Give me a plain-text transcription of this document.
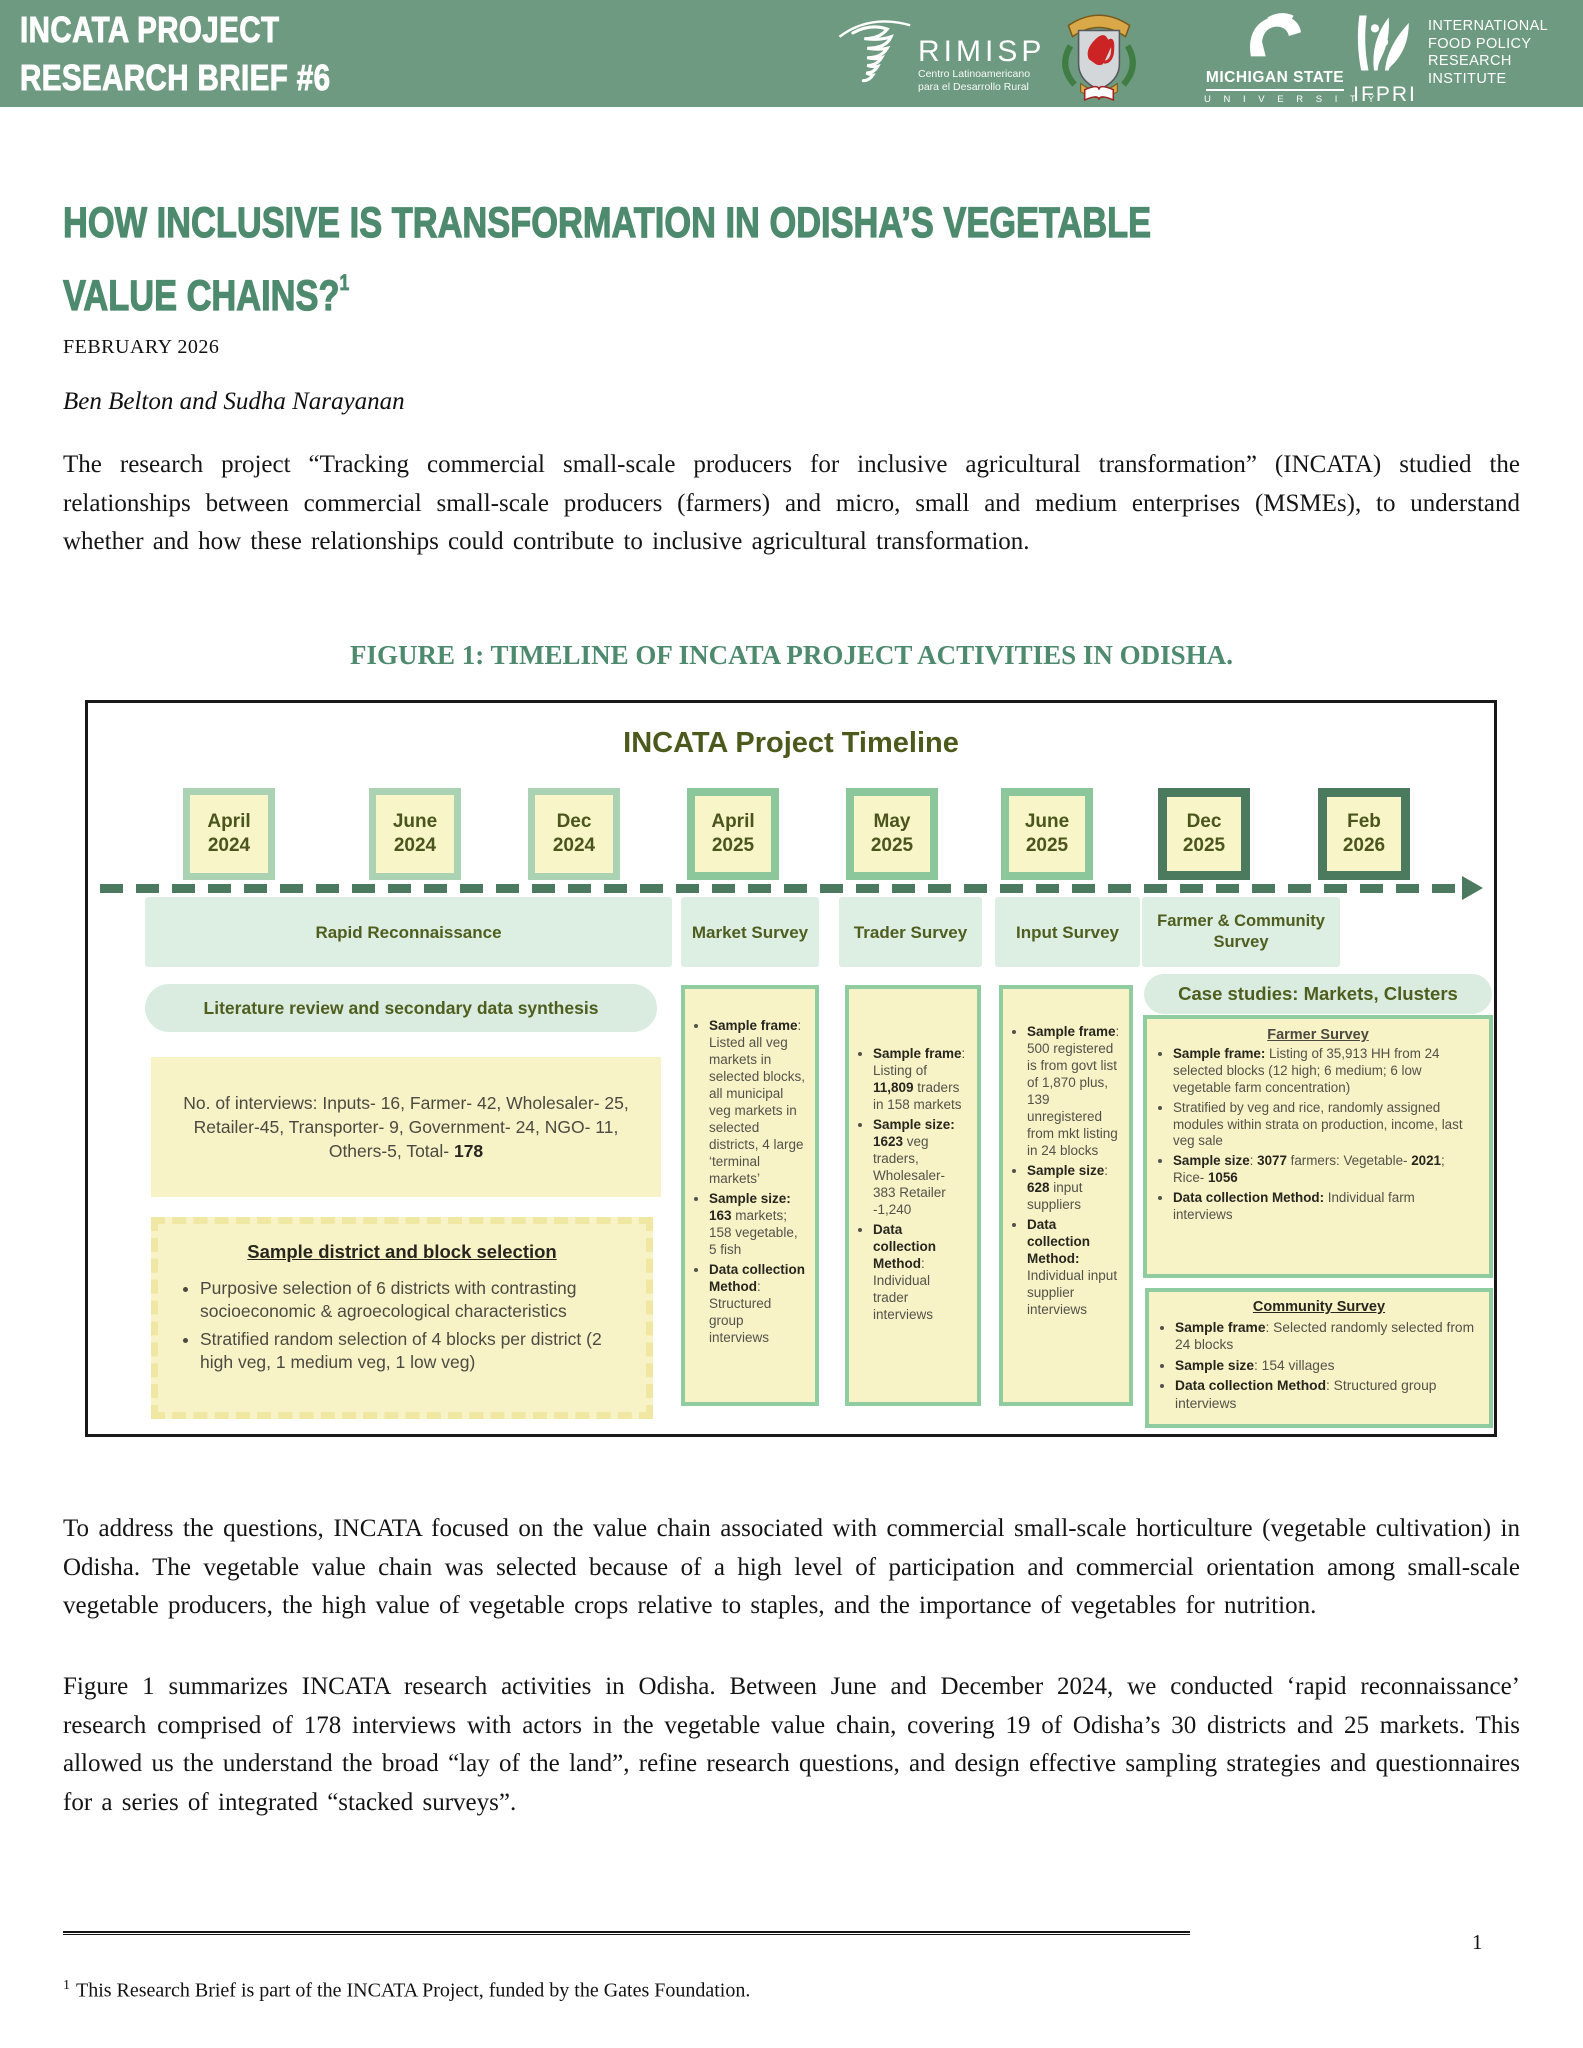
INCATA PROJECT
RESEARCH BRIEF #6
RIMISP
Centro Latinoamericano
para el Desarrollo Rural
MICHIGAN STATE
U N I V E R S I T Y
IFPRI
INTERNATIONAL
FOOD POLICY
RESEARCH
INSTITUTE
HOW INCLUSIVE IS TRANSFORMATION IN ODISHA’S VEGETABLE VALUE CHAINS?$^1$
FEBRUARY 2026
Ben Belton and Sudha Narayanan

The research project “Tracking commercial small-scale producers for inclusive agricultural transformation” (INCATA) studied the relationships between commercial small-scale producers (farmers) and micro, small and medium enterprises (MSMEs), to understand whether and how these relationships could contribute to inclusive agricultural transformation.

FIGURE 1: TIMELINE OF INCATA PROJECT ACTIVITIES IN ODISHA.
INCATA Project Timeline
April
2024
June
2024
Dec
2024
April
2025
May
2025
June
2025
Dec
2025
Feb
2026
Rapid Reconnaissance	Market Survey	Trader Survey	Input Survey
Farmer & Community Survey
Case studies: Markets, Clusters
Literature review and secondary data synthesis
No. of interviews: Inputs- 16, Farmer- 42, Wholesaler- 25, Retailer-45, Transporter- 9, Government- 24, NGO- 11, Others-5, Total- 178
Sample district and block selection
• Purposive selection of 6 districts with contrasting socioeconomic & agroecological characteristics
• Stratified random selection of 4 blocks per district (2 high veg, 1 medium veg, 1 low veg)
• Sample frame: Listed all veg markets in selected blocks, all municipal veg markets in selected districts, 4 large ‘terminal markets’
• Sample size: 163 markets; 158 vegetable, 5 fish
• Data collection Method: Structured group interviews
• Sample frame: Listing of 11,809 traders in 158 markets
• Sample size: 1623 veg traders, Wholesaler- 383 Retailer -1,240
• Data collection Method: Individual trader interviews
• Sample frame: 500 registered is from govt list of 1,870 plus, 139 unregistered from mkt listing in 24 blocks
• Sample size: 628 input suppliers
• Data collection Method: Individual input supplier interviews
Farmer Survey
• Sample frame: Listing of 35,913 HH from 24 selected blocks (12 high; 6 medium; 6 low vegetable farm concentration)
• Stratified by veg and rice, randomly assigned modules within strata on production, income, last veg sale
• Sample size: 3077 farmers: Vegetable- 2021; Rice- 1056
• Data collection Method: Individual farm interviews
Community Survey
• Sample frame: Selected randomly selected from 24 blocks
• Sample size: 154 villages
• Data collection Method: Structured group interviews

To address the questions, INCATA focused on the value chain associated with commercial small-scale horticulture (vegetable cultivation) in Odisha. The vegetable value chain was selected because of a high level of participation and commercial orientation among small-scale vegetable producers, the high value of vegetable crops relative to staples, and the importance of vegetables for nutrition.

Figure 1 summarizes INCATA research activities in Odisha. Between June and December 2024, we conducted ‘rapid reconnaissance’ research comprised of 178 interviews with actors in the vegetable value chain, covering 19 of Odisha’s 30 districts and 25 markets. This allowed us the understand the broad “lay of the land”, refine research questions, and design effective sampling strategies and questionnaires for a series of integrated “stacked surveys”.

1
$^1$ This Research Brief is part of the INCATA Project, funded by the Gates Foundation.
